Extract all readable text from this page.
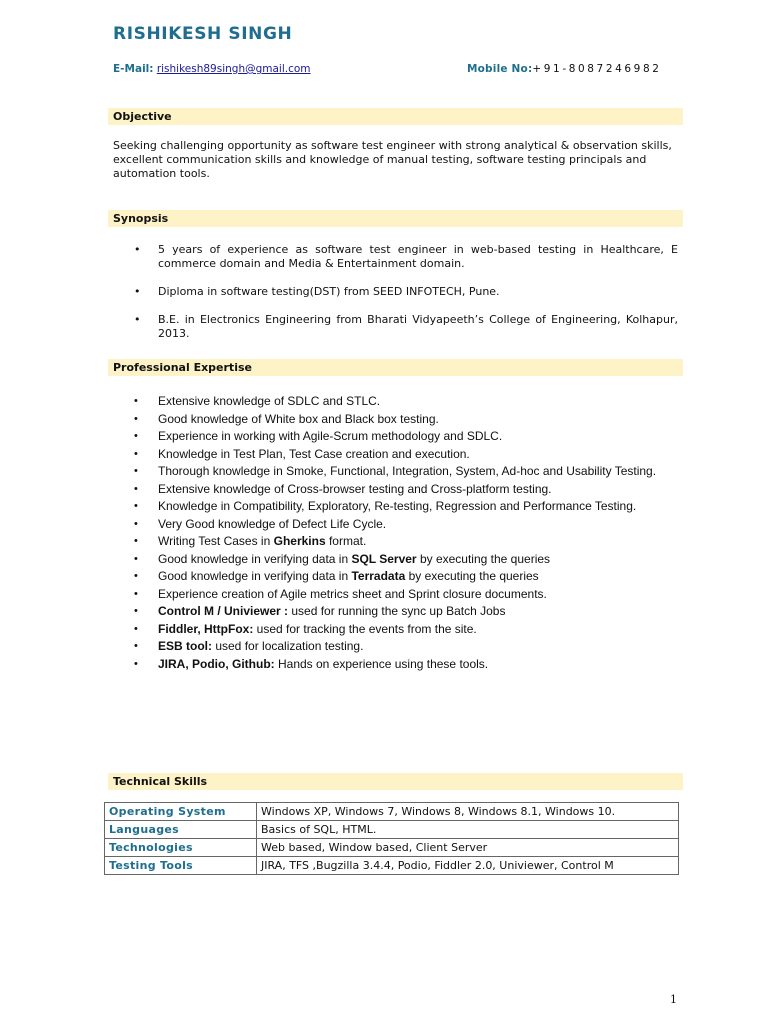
RISHIKESH SINGH
E-Mail: rishikesh89singh@gmail.com	Mobile No:+91-8087246982
Objective

Seeking challenging opportunity as software test engineer with strong analytical & observation skills, excellent communication skills and knowledge of manual testing, software testing principals and automation tools.

Synopsis
• 5 years of experience as software test engineer in web-based testing in Healthcare, E commerce domain and Media & Entertainment domain.
• Diploma in software testing(DST) from SEED INFOTECH, Pune.
• B.E. in Electronics Engineering from Bharati Vidyapeeth’s College of Engineering, Kolhapur, 2013.
Professional Expertise
• Extensive knowledge of SDLC and STLC.
• Good knowledge of White box and Black box testing.
• Experience in working with Agile-Scrum methodology and SDLC.
• Knowledge in Test Plan, Test Case creation and execution.
• Thorough knowledge in Smoke, Functional, Integration, System, Ad-hoc and Usability Testing.
• Extensive knowledge of Cross-browser testing and Cross-platform testing.
• Knowledge in Compatibility, Exploratory, Re-testing, Regression and Performance Testing.
• Very Good knowledge of Defect Life Cycle.
• Writing Test Cases in Gherkins format.
• Good knowledge in verifying data in SQL Server by executing the queries
• Good knowledge in verifying data in Terradata by executing the queries
• Experience creation of Agile metrics sheet and Sprint closure documents.
• Control M / Univiewer : used for running the sync up Batch Jobs
• Fiddler, HttpFox: used for tracking the events from the site.
• ESB tool: used for localization testing.
• JIRA, Podio, Github: Hands on experience using these tools.
Technical Skills
Operating System	Windows XP, Windows 7, Windows 8, Windows 8.1, Windows 10.
Languages	Basics of SQL, HTML.
Technologies	Web based, Window based, Client Server
Testing Tools	JIRA, TFS ,Bugzilla 3.4.4, Podio, Fiddler 2.0, Univiewer, Control M
1
